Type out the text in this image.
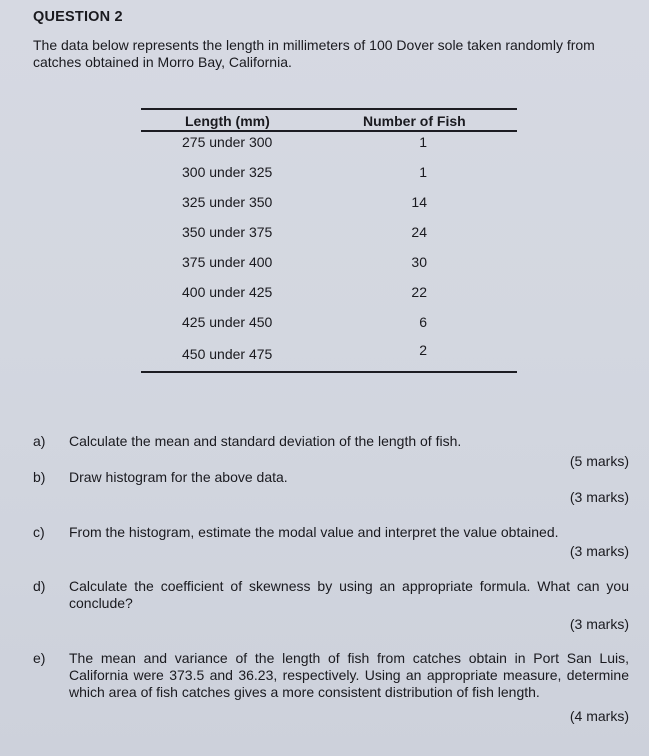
QUESTION 2
The data below represents the length in millimeters of 100 Dover sole taken randomly from catches obtained in Morro Bay, California.
Length (mm)	Number of Fish
275 under 300	1
300 under 325	1
325 under 350	14
350 under 375	24
375 under 400	30
400 under 425	22
425 under 450	6
450 under 475	2
a) Calculate the mean and standard deviation of the length of fish.
(5 marks)
b) Draw histogram for the above data.
(3 marks)
c) From the histogram, estimate the modal value and interpret the value obtained.
(3 marks)
d) Calculate the coefficient of skewness by using an appropriate formula. What can you conclude?
(3 marks)
e) The mean and variance of the length of fish from catches obtain in Port San Luis, California were 373.5 and 36.23, respectively. Using an appropriate measure, determine which area of fish catches gives a more consistent distribution of fish length.
(4 marks)
